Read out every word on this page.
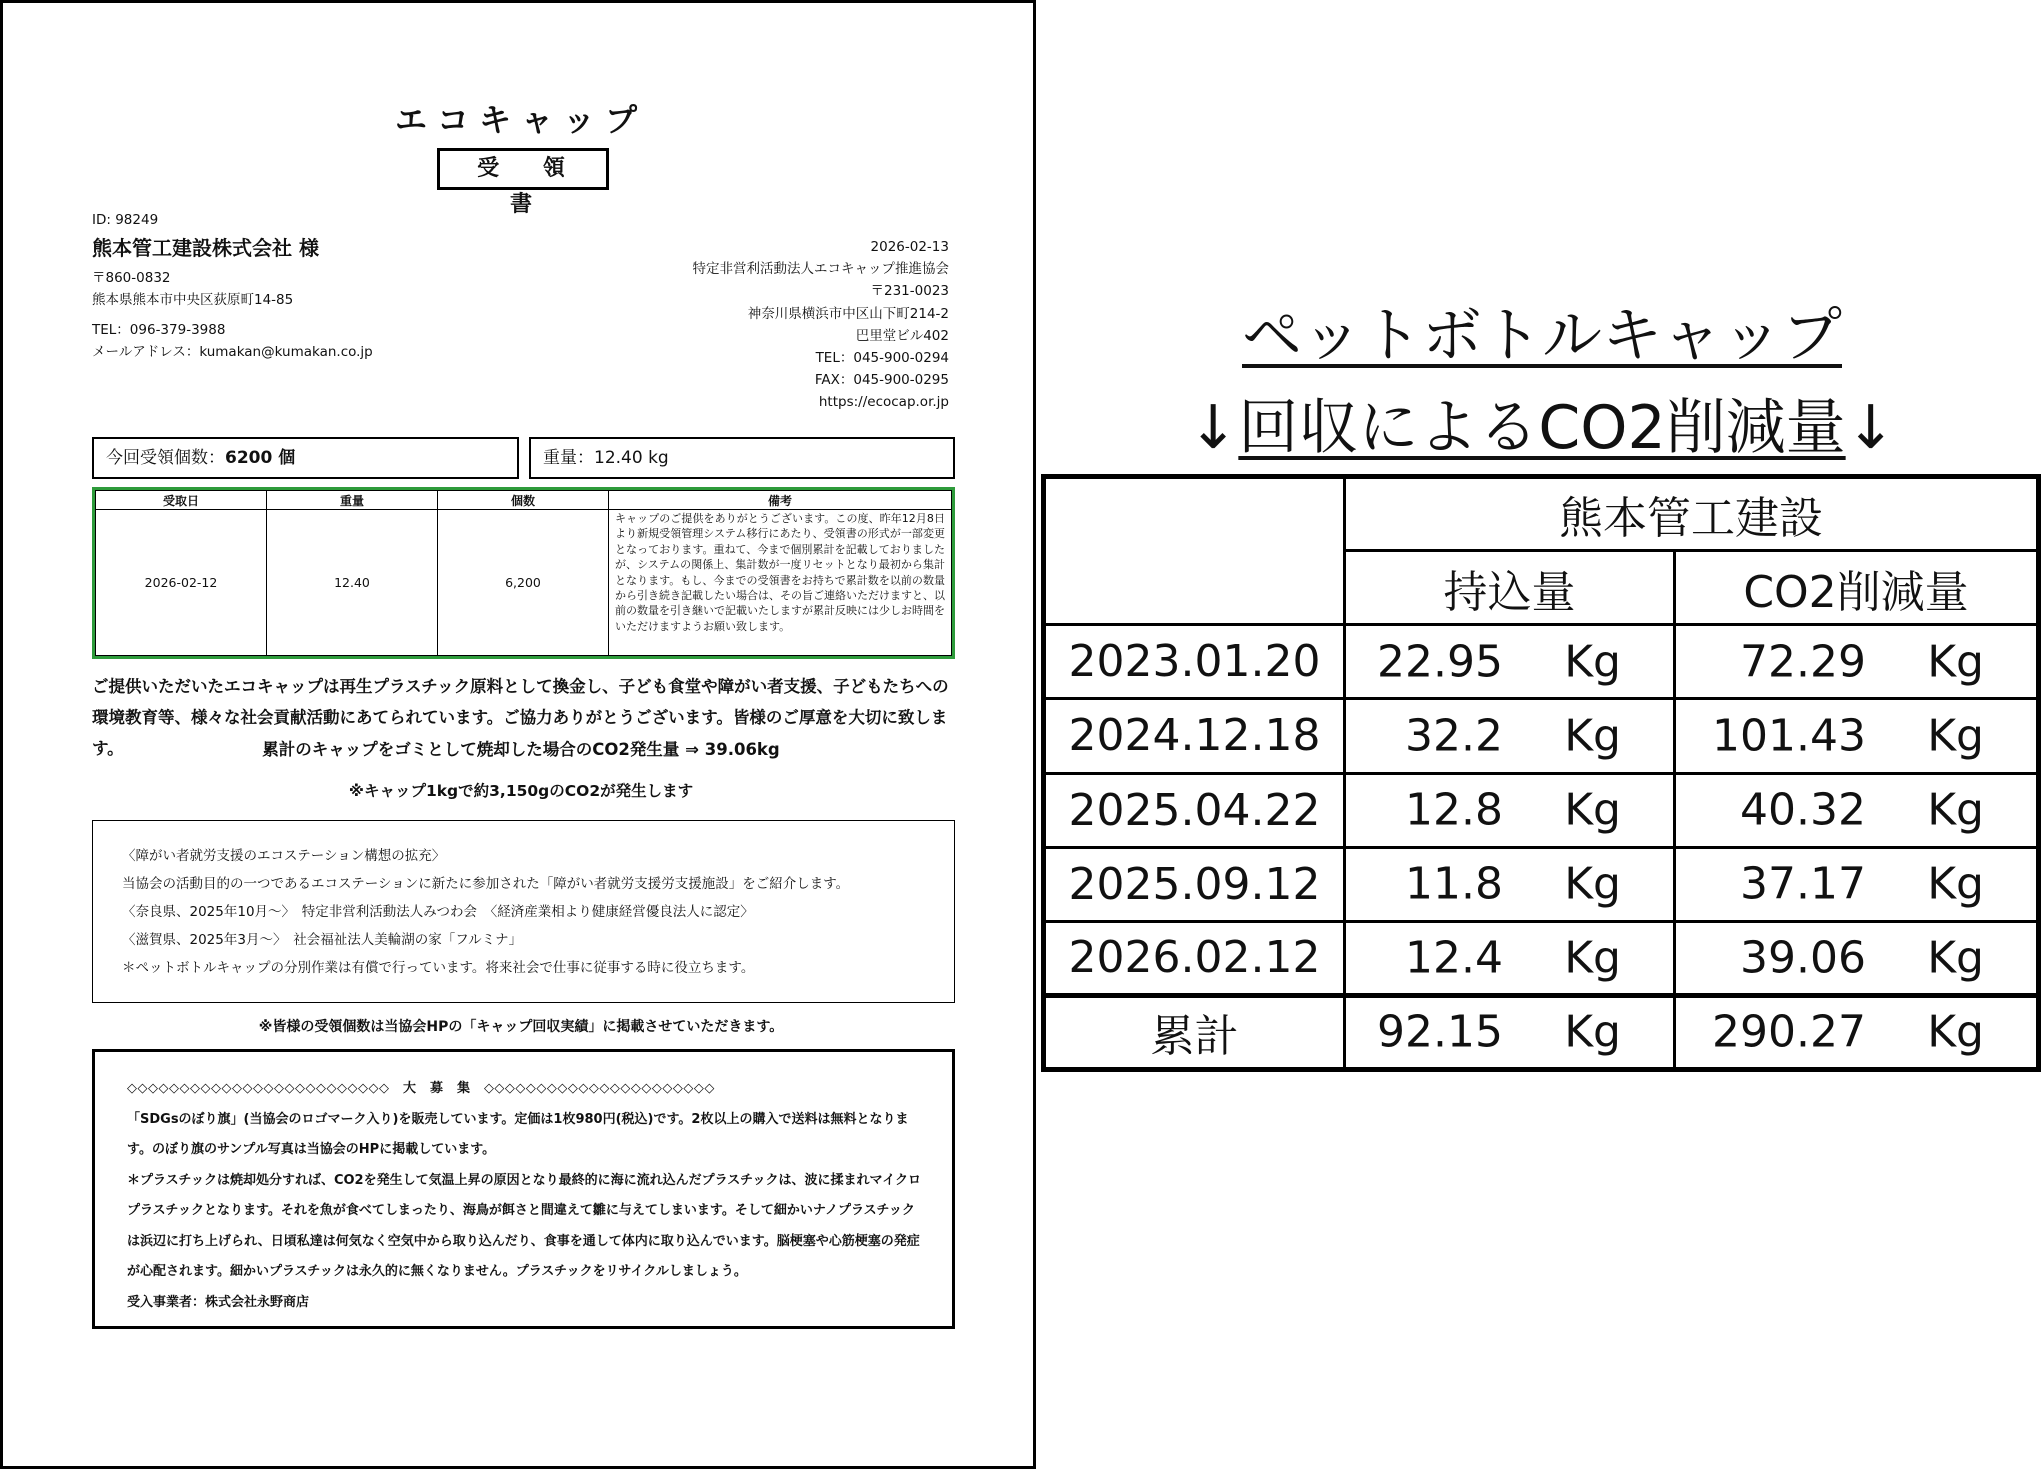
エコキャップ
受 領 書
ID: 98249
熊本管工建設株式会社 様
〒860-0832
熊本県熊本市中央区荻原町14-85
TEL：096-379-3988
メールアドレス：kumakan@kumakan.co.jp
2026-02-13
特定非営利活動法人エコキャップ推進協会
〒231-0023
神奈川県横浜市中区山下町214-2
巴里堂ビル402
TEL：045-900-0294
FAX：045-900-0295
https://ecocap.or.jp
今回受領個数：6200 個	重量：12.40 kg
受取日	重量	個数	備考
2026-02-12	12.40	6,200	キャップのご提供をありがとうございます。この度、昨年12月8日より新規受領管理システム移行にあたり、受領書の形式が一部変更となっております。重ねて、今まで個別累計を記載しておりましたが、システムの関係上、集計数が一度リセットとなり最初から集計となります。もし、今までの受領書をお持ちで累計数を以前の数量から引き続き記載したい場合は、その旨ご連絡いただけますと、以前の数量を引き継いで記載いたしますが累計反映には少しお時間をいただけますようお願い致します。
ご提供いただいたエコキャップは再生プラスチック原料として換金し、子ども食堂や障がい者支援、子どもたちへの環境教育等、様々な社会貢献活動にあてられています。ご協力ありがとうございます。皆様のご厚意を大切に致します。	累計のキャップをゴミとして焼却した場合のCO2発生量 ⇒ 39.06kg
※キャップ1kgで約3,150gのCO2が発生します
〈障がい者就労支援のエコステーション構想の拡充〉
当協会の活動目的の一つであるエコステーションに新たに参加された「障がい者就労支援労支援施設」をご紹介します。
〈奈良県、2025年10月～〉　特定非営利活動法人みつわ会　〈経済産業相より健康経営優良法人に認定〉
〈滋賀県、2025年3月～〉　社会福祉法人美輪湖の家「フルミナ」
＊ペットボトルキャップの分別作業は有償で行っています。将来社会で仕事に従事する時に役立ちます。
※皆様の受領個数は当協会HPの「キャップ回収実績」に掲載させていただきます。
◇◇◇◇◇◇◇◇◇◇◇◇◇◇◇◇◇◇◇◇◇◇◇◇◇　大　募　集　◇◇◇◇◇◇◇◇◇◇◇◇◇◇◇◇◇◇◇◇◇◇
「SDGsのぼり旗」(当協会のロゴマーク入り)を販売しています。定価は1枚980円(税込)です。2枚以上の購入で送料は無料となります。のぼり旗のサンプル写真は当協会のHPに掲載しています。
＊プラスチックは焼却処分すれば、CO2を発生して気温上昇の原因となり最終的に海に流れ込んだプラスチックは、波に揉まれマイクロプラスチックとなります。それを魚が食べてしまったり、海鳥が餌さと間違えて雛に与えてしまいます。そして細かいナノプラスチックは浜辺に打ち上げられ、日頃私達は何気なく空気中から取り込んだり、食事を通して体内に取り込んでいます。脳梗塞や心筋梗塞の発症が心配されます。細かいプラスチックは永久的に無くなりません。プラスチックをリサイクルしましょう。
受入事業者：株式会社永野商店
ペットボトルキャップ
↓回収によるCO2削減量↓
	熊本管工建設	
	持込量	CO2削減量
2023.01.20	22.95 Kg	72.29 Kg

2024.12.18	32.2 Kg	101.43 Kg

2025.04.22	12.8 Kg	40.32 Kg

2025.09.12	11.8 Kg	37.17 Kg

2026.02.12	12.4 Kg	39.06 Kg

累計	92.15 Kg	290.27 Kg
